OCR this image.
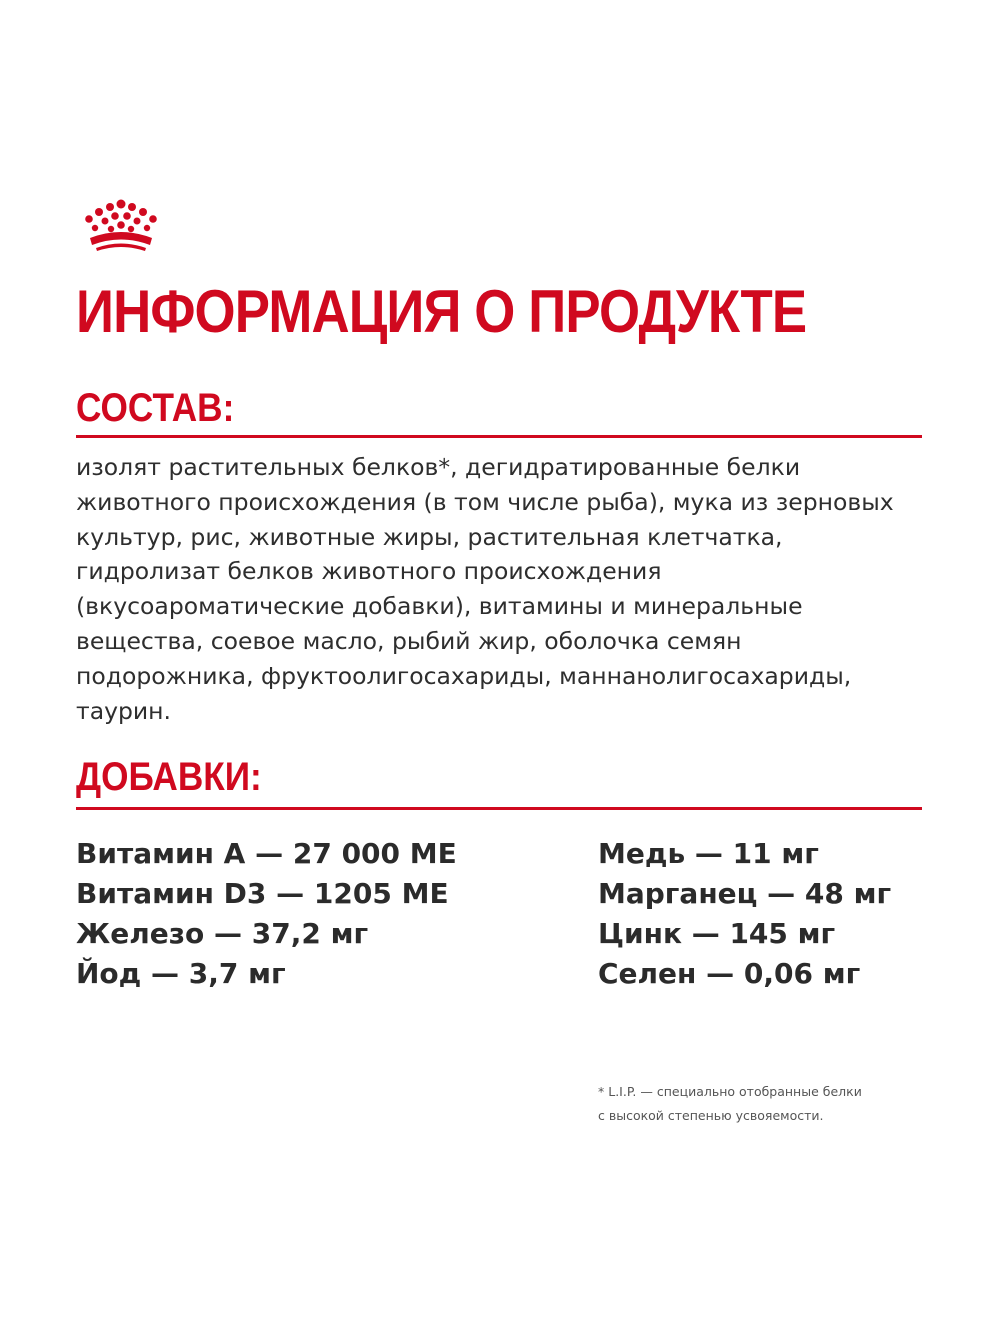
ИНФОРМАЦИЯ О ПРОДУКТЕ
СОСТАВ:

изолят растительных белков*, дегидратированные белки животного происхождения (в том числе рыба), мука из зерновых культур, рис, животные жиры, растительная клетчатка, гидролизат белков животного происхождения (вкусоароматические добавки), витамины и минеральные вещества, соевое масло, рыбий жир, оболочка семян подорожника, фруктоолигосахариды, маннанолигосахариды, таурин.

ДОБАВКИ:
Витамин А — 27 000 МЕ
Витамин D3 — 1205 МЕ
Железо — 37,2 мг
Йод — 3,7 мг
Медь — 11 мг
Марганец — 48 мг
Цинк — 145 мг
Селен — 0,06 мг
* L.I.P. — специально отобранные белки
с высокой степенью усвояемости.
